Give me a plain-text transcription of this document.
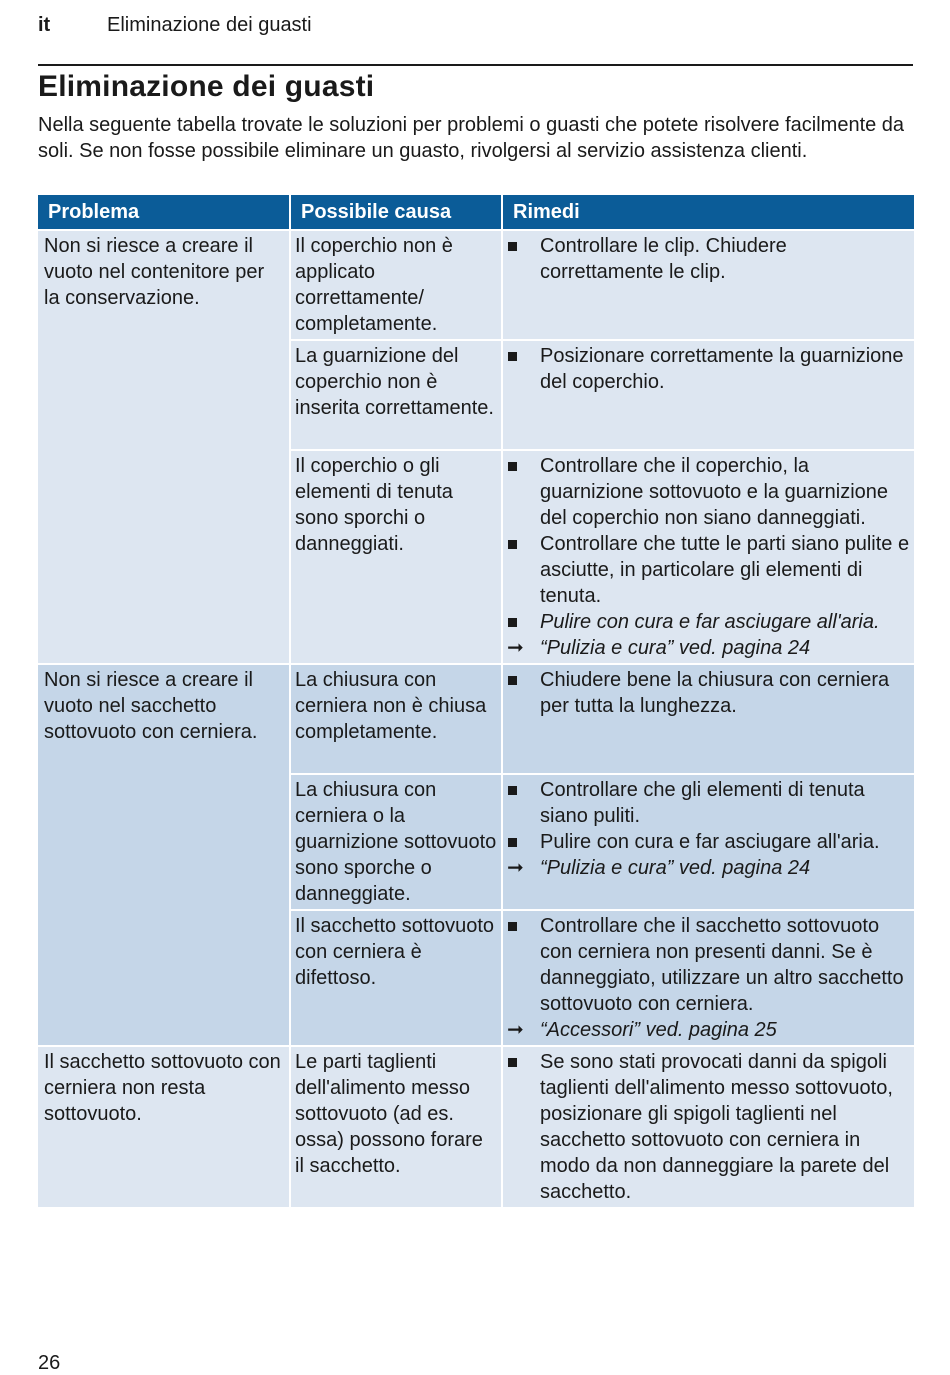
it	Eliminazione dei guasti
Eliminazione dei guasti

Nella seguente tabella trovate le soluzioni per problemi o guasti che potete risolvere facilmente da soli. Se non fosse possibile eliminare un guasto, rivolgersi al servizio assistenza clienti.

Problema	Possibile causa	Rimedi
Non si riesce a creare il vuoto nel contenitore per la conservazione.	Il coperchio non è applicato correttamente/ completamente.	Controllare le clip. Chiudere correttamente le clip.

	La guarnizione del coperchio non è inserita correttamente.	Posizionare correttamente la guarnizione del coperchio.

	Il coperchio o gli elementi di tenuta sono sporchi o danneggiati.	Controllare che il coperchio, la guarnizione sottovuoto e la guarnizione del coperchio non siano danneggiati.
Controllare che tutte le parti siano pulite e asciutte, in particolare gli elementi di tenuta.
Pulire con cura e far asciugare all'aria.
➞ “Pulizia e cura” ved. pagina 24

Non si riesce a creare il vuoto nel sacchetto sottovuoto con cerniera.	La chiusura con cerniera non è chiusa completamente.	Chiudere bene la chiusura con cerniera per tutta la lunghezza.

	La chiusura con cerniera o la guarnizione sottovuoto sono sporche o danneggiate.	Controllare che gli elementi di tenuta siano puliti.
Pulire con cura e far asciugare all'aria.
➞ “Pulizia e cura” ved. pagina 24

	Il sacchetto sottovuoto con cerniera è difettoso.	Controllare che il sacchetto sottovuoto con cerniera non presenti danni. Se è danneggiato, utilizzare un altro sacchetto sottovuoto con cerniera.
➞ “Accessori” ved. pagina 25

Il sacchetto sottovuoto con cerniera non resta sottovuoto.	Le parti taglienti dell'alimento messo sottovuoto (ad es. ossa) possono forare il sacchetto.	Se sono stati provocati danni da spigoli taglienti dell'alimento messo sottovuoto, posizionare gli spigoli taglienti nel sacchetto sottovuoto con cerniera in modo da non danneggiare la parete del sacchetto.
26
